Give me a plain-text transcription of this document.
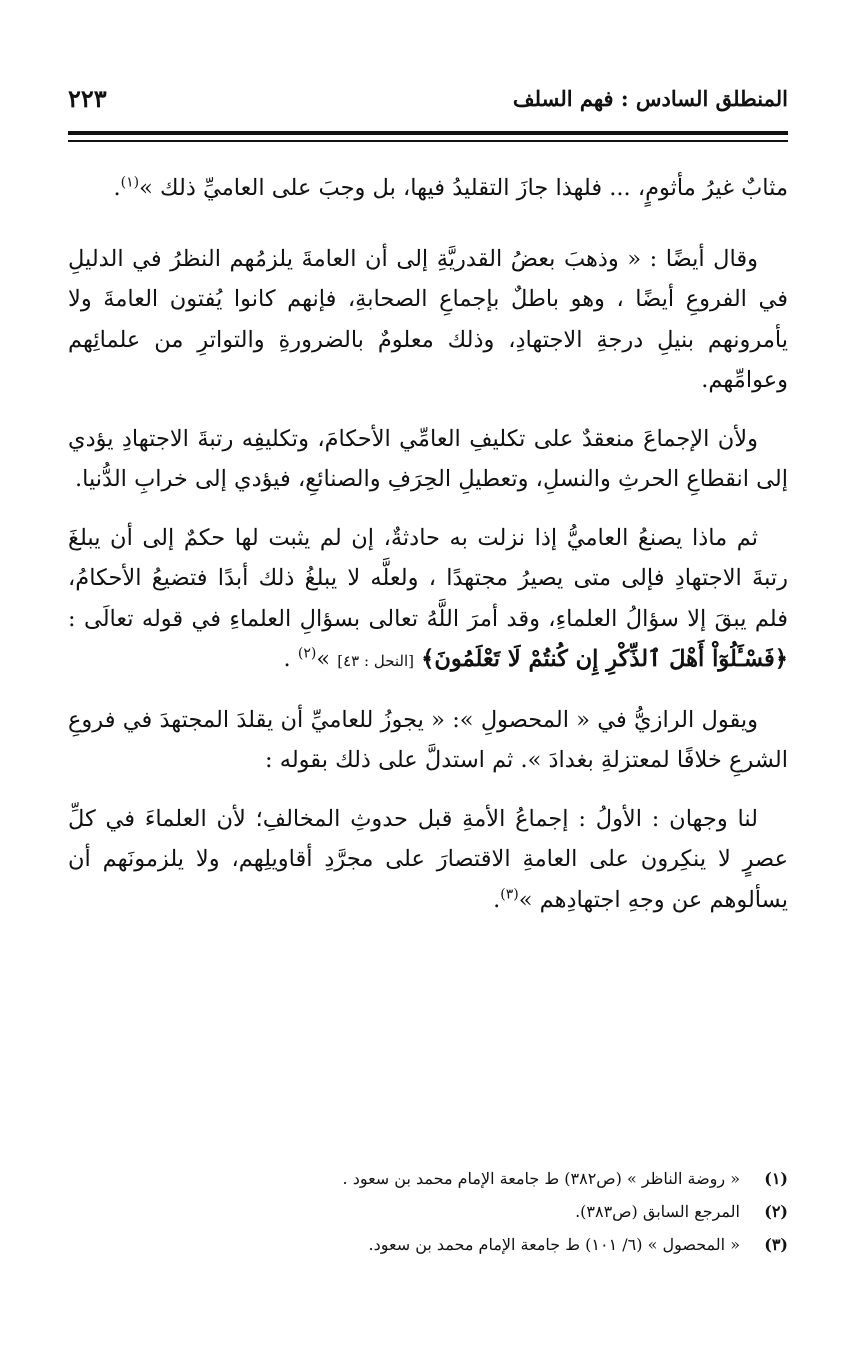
المنطلق السادس : فهم السلف
٢٢٣

مثابٌ غيرُ مأثومٍ، ... فلهذا جازَ التقليدُ فيها، بل وجبَ على العاميِّ ذلك »$^{(١)}$.

وقال أيضًا : « وذهبَ بعضُ القدريَّةِ إلى أن العامةَ يلزمُهم النظرُ في الدليلِ في الفروعِ أيضًا ، وهو باطلٌ بإجماعِ الصحابةِ، فإنهم كانوا يُفتون العامةَ ولا يأمرونهم بنيلِ درجةِ الاجتهادِ، وذلك معلومٌ بالضرورةِ والتواترِ من علمائِهم وعوامِّهم.

ولأن الإجماعَ منعقدٌ على تكليفِ العامِّي الأحكامَ، وتكليفِه رتبةَ الاجتهادِ يؤدي إلى انقطاعِ الحرثِ والنسلِ، وتعطيلِ الحِرَفِ والصنائعِ، فيؤدي إلى خرابِ الدُّنيا.

ثم ماذا يصنعُ العاميُّ إذا نزلت به حادثةٌ، إن لم يثبت لها حكمٌ إلى أن يبلغَ رتبةَ الاجتهادِ فإلى متى يصيرُ مجتهدًا ، ولعلَّه لا يبلغُ ذلك أبدًا فتضيعُ الأحكامُ، فلم يبقَ إلا سؤالُ العلماءِ، وقد أمرَ اللَّهُ تعالى بسؤالِ العلماءِ في قوله تعالَى : ﴿فَسْـَٔلُوٓاْ أَهْلَ ٱلذِّكْرِ إِن كُنتُمْ لَا تَعْلَمُونَ﴾ [النحل : ٤٣] »$^{(٢)}$ .

ويقول الرازيُّ في « المحصولِ »: « يجوزُ للعاميِّ أن يقلدَ المجتهدَ في فروعِ الشرعِ خلافًا لمعتزلةِ بغدادَ ». ثم استدلَّ على ذلك بقوله :

لنا وجهان : الأولُ : إجماعُ الأمةِ قبل حدوثِ المخالفِ؛ لأن العلماءَ في كلِّ عصرٍ لا ينكِرون على العامةِ الاقتصارَ على مجرَّدِ أقاويلِهم، ولا يلزمونَهم أن يسألوهم عن وجهِ اجتهادِهم »$^{(٣)}$.

(١)
« روضة الناظر » (ص٣٨٢) ط جامعة الإمام محمد بن سعود .
(٢)
المرجع السابق (ص٣٨٣).
(٣)
« المحصول » (٦/ ١٠١) ط جامعة الإمام محمد بن سعود.
